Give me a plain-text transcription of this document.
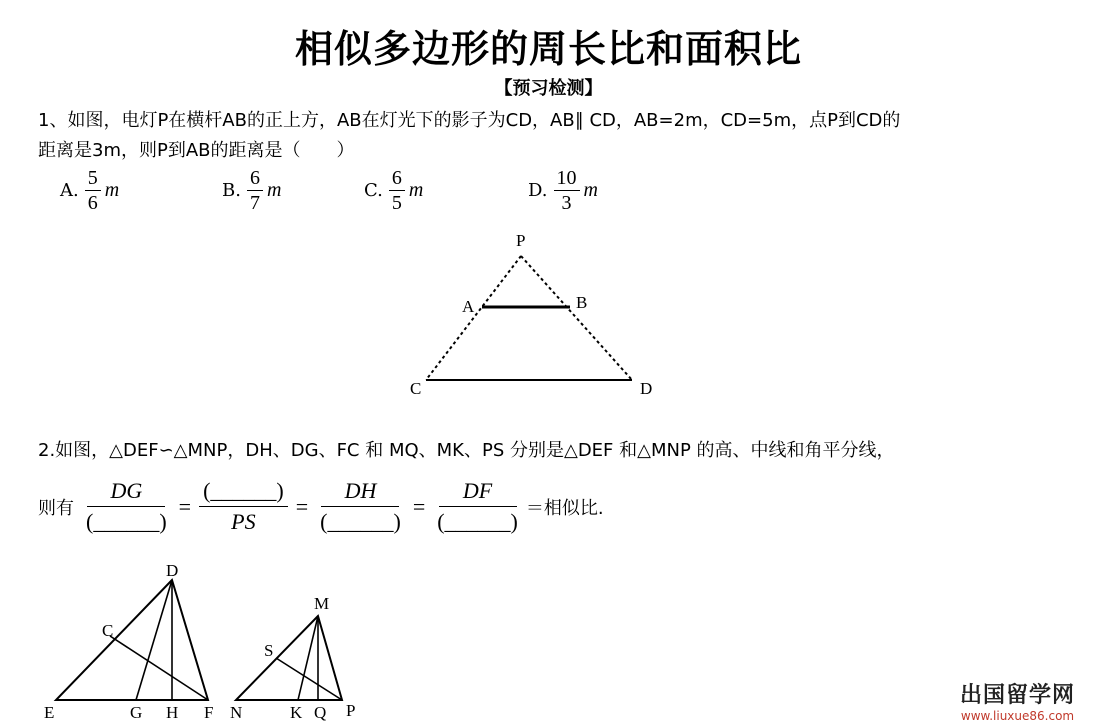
相似多边形的周长比和面积比
【预习检测】
1、如图，电灯P在横杆AB的正上方，AB在灯光下的影子为CD，AB∥ CD，AB=2m，CD=5m，点P到CD的
距离是3m，则P到AB的距离是（　　）
A. $\frac{5}{6}$ m	B. $\frac{6}{7}$ m	C. $\frac{6}{5}$ m	D. $\frac{10}{3}$ m
P
A	B
C	D
2.如图，△DEF∽△MNP，DH、DG、FC 和 MQ、MK、PS 分别是△DEF 和△MNP 的高、中线和角平分线，
则有 $\frac{DG}{(\_\_\_\_\_\_)} = \frac{(\_\_\_\_\_\_)}{PS} = \frac{DH}{(\_\_\_\_\_\_)} = \frac{DF}{(\_\_\_\_\_\_)}$ ＝相似比.
D
C
E	G H F
M
S
N	K Q P
出国留学网
www.liuxue86.com
